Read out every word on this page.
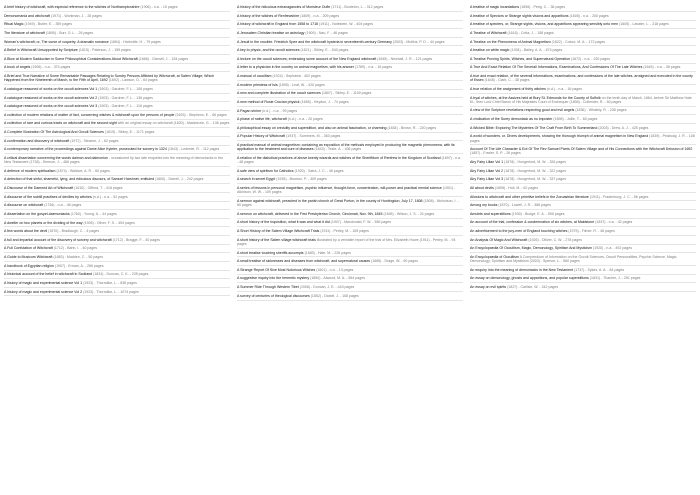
A brief history of witchcraft, with especial reference to the witches of Northamptonshire (1906) - n.a. - 15 pages
Demonomania and witchcraft (1971) - Workman, J. - 26 pages
Ritual Magic (1949) - Butler, E. - 359 pages
The literature of witchcraft (1890) - Burr, G. L. - 26 pages
Woman's witchcraft; or, The curse of coquetry. A dramatic romance (1854) - Harbottle, H. - 79 pages
A Belief in Witchcraft Unsupported by Scripture (1815) - Paterson, J. - 159 pages
A Blow at Modern Sadducism in Some Philosophical Considerations About Witchcraft (1668) - Glanvill, J. - 154 pages
A book of angels (1906) - n.a. - 374 pages
A Brief and True Narrative of Some Remarkable Passages Relating to Sundry Persons Afflicted by Witchcraft, at Salem Village; Which Happened from the Nineteenth of March, to the Fifth of April, 1692 (1692) - Lawson, D. - 64 pages
A catalogue reasoned of works on the occult sciences Vol 1 (1903) - Gardner, F. L. - 106 pages
A catalogue reasoned of works on the occult sciences Vol 2 (1903) - Gardner, F. L. - 136 pages
A catalogue reasoned of works on the occult sciences Vol 3 (1903) - Gardner, F. L. - 116 pages
A collection of modern relations of matter of fact, concerning witches & witchcraft upon the persons of people (1693) - Stephens, E. - 66 pages
A collection of rare and curious tracts on witchcraft and the second sight with an original essay on witchcraft (1820) - Mackenzie, G. - 136 pages
A Complete Illustration Of The Astrological And Occult Sciences (1819) - Sibley, E. - 1171 pages
A confirmation and discovery of witchcraft (1972) - Stearne, J. - 62 pages
A contemporary narrative of the proceedings against Dame Alice Kyteler, prosecuted for sorcery in 1324 (1843) - Ledrede, R. - 112 pages
A critical dissertation concerning the words daimon and daimonion - occasioned by two late enquiries into the meaning of demoniacks in the New Testament (1738) - Sermon, J. - 466 pages
A defence of modern spiritualism (1874) - Wallace, A. R. - 60 pages
A detection of that sinful, shameful, lying, and ridiculous discours, of Samuel Harshnet, entituled (1600) - Darrell, J. - 242 pages
A Discourse of the Damned Art of Witchcraft (1610) - Gifford, T. - 418 pages
A discourse of the subtill practises of devilles by witches (n.d.) - n.a. - 52 pages
A discourse on witchcraft (1736) - n.a. - 46 pages
A dissertation on the gospel-daemoniacks (1760) - Young, A. - 44 pages
A dweller on two planets or the dividing of the way (1905) - Oliver, F. S. - 454 pages
A few words about the devil (1870) - Bradlaugh, C. - 4 pages
A full and impartial account of the discovery of sorcery and witchcraft (1712) - Bragge, F. - 40 pages
A Full Confutation of Witchcraft (1712) - Bahn, I. - 40 pages
A Guide to Musicum Witchcraft (1883) - Madden, C. - 50 pages
A handbook of Egyptian religion (1907) - Erman, A. - 266 pages
A historical account of the belief in witchcraft in Scotland (1834) - Duncan, C. K. - 235 pages
A history of magic and experimental science Vol 1 (1923) - Thorndike, L. - 836 pages
A history of magic and experimental science Vol 2 (1923) - Thorndike, L. - 1074 pages
A history of the ridiculous extravagancies of Monsieur Oufle (1711) - Bordelon, L. - 312 pages
A history of the witches of Renfrewshire (1809) - n.a. - 209 pages
A history of witchcraft in England from 1558 to 1718 (1911) - Notestein, W. - 404 pages
A Jerusalem Christian treatise on astrology (1909) - Nau, F. - 46 pages
A Jesuit in the crucible. Friedrich Spee and the witchcraft hysteria in seventeenth-century Germany (2003) - Mullins, P. D. - 44 pages
A key to physic, and the occult sciences (1821) - Sibley, E. - 540 pages
A lecture on the occult sciences; embracing some account of the New England witchcraft (1845) - Newhall, J. R. - 121 pages
A letter to a physician in the country on animal magnetism, with his answer (1789) - n.a. - 16 pages
A manual of occultism (1924) - Sepharial - 402 pages
A modern priestess of Isis (1895) - Leaf, W. - 420 pages
A new and complete illustration of the occult sciences (1807) - Sibley, E. - 1100 pages
A new method of Rosie Crucian physick (1658) - Heydon, J. - 74 pages
A Pagan shrine (n.d.) - n.a. - 99 pages
A phase of native life, witchcraft (n.d.) - n.a. - 20 pages
A philosophical essay on credulity and superstition, and also on animal fascination, or charming (1834) - Brown, R. - 220 pages
A Popular History of Witchcraft (1937) - Summers, M. - 363 pages
A practical manual of animal magnetism; containing an exposition of the methods employed in producing the magnetic phenomena, with its application to the treatment and cure of diseases (1843) - Teste, A. - 406 pages
A relation of the diabolical practices of above twenty wizards and witches of the Sheriffdom of Renfrew in the Kingdom of Scotland (1697) - n.a. - 48 pages
A safe view of spiritism for Catholics (1920) - Satra, J. C. - 46 pages
A search in secret Egypt (1935) - Brunton, P. - 309 pages
A series of lessons in personal magnetism, psychic influence, thought-force, concentration, will-power and practical mental science (1901) - Atkinson, W. W. - 109 pages
A sermon against witchcraft, preached in the parish church of Great Porton, in the county of Huntingdon, July 17, 1808 (1808) - Nicholson, I. - 60 pages
A sermon on witchcraft, delivered in the First Presbyterian Church, Cincinnati, Nov. 9th, 1845 (1845) - Wilson, J. S. - 24 pages
A short history of the Inquisition, what it was and what it did (1907) - Macdonald, F. W. - 356 pages
A Short History of the Salem Village Witchcraft Trials (1911) - Perley, M. - 105 pages
A short history of the Salem village witchcraft trials illustrated by a verbatim report of the trial of Mrs. Elizabeth Howe (1911) - Perley, M. - 94 pages
A short treatise touching sheriffs accompts (1683) - Hale, M. - 226 pages
A small treatise of sicknesses and diseases from witchcraft, and supernatural causes (1665) - Drage, W. - 90 pages
A Strange Report Of Sixe Most Notorious Witches (1601) - n.a. - 13 pages
A suggestive inquiry into the hermetic mystery (1850) - Atwood, M. A. - 564 pages
A Summer Ride Through Western Tibet (1906) - Duncan, J. E. - 443 pages
A survey of centuries of theological discourses (1852) - Daniel, J. - 108 pages
A treatise of magic incantations (1896) - Perig, C. - 36 pages
A treatise of Spectors or Strange sights visions and apparitions (1605) - n.a. - 200 pages
A treatise of specters, or, Strange sights, visions, and apparitions appearing sensibly unto men (1605) - Lavater, L. - 218 pages
A Treatise of Witchcraft (1616) - Cotta, J. - 158 pages
A Treatise on the Phenomena of Animal Magnetism (1822) - Colour, M. A. - 172 pages
A treatise on white magic (1934) - Bailey, A. A. - 674 pages
A Treatise Proving Spirits, Witches, and Supernatural Operation (1672) - n.a. - 220 pages
A True And Exact Relation Of The Severall Informations, Examinations, And Confessions Of The Late Witches (1645) - n.a. - 36 pages
A true and exact relation, of the severall informations, examinations, and confessions of the late witches, arraigned and executed in the county of Essex (1645) - Clark, C. - 38 pages
A true relation of the araignment of thirty witches (n.d.) - n.a. - 16 pages
A tryal of witches, at the Assizes held at Bury St. Edmonds for the County of Suffolk on the tenth day of March, 1664, before Sir Matthew Hale Kt., then Lord Chief Baron of His Majesties Court of Exchequer (1838) - Cullender, R. - 60 pages
A view of the Scripture revelations respecting good and evil angels (1836) - Whately, R. - 236 pages
A vindication of the Surey demoniack as no imposter (1698) - Jollie, T. - 60 pages
A Wicked Bible: Exploring The Mysteries Of The Craft From Birth To Summerland (2003) - Drew, A. J. - 425 pages
A world of wonders, or, Divers developments, showing the thorough triumph of animal magnetism in New England (1839) - Peabody, J. R. - 108 pages
Account Of The Life Character & Eot Of The Rev Samuel Parris Of Salem Village and of His Connections with the Witchcraft Delusion of 1692 (1857) - Fowler, S. P. - 26 pages
Airy Fairy Lilian Vol 1 (1878) - Hungerford, M. W. - 326 pages
Airy Fairy Lilian Vol 2 (1878) - Hungerford, M. W. - 322 pages
Airy Fairy Lilian Vol 3 (1878) - Hungerford, M. W. - 337 pages
All about devils (1898) - Hull, M. - 62 pages
Allusions to witchcraft and other primitive beliefs in the Zoroastrian literature (1911) - Fradenburg, J. C. - 56 pages
Among my books (1870) - Lowell, J. R. - 386 pages
Amulets and superstitions (1930) - Budge, E. A. - 590 pages
An account of the trial, confession & condemnation of six witches, at Maidstone (1837) - n.a. - 42 pages
An advertisement to the jury-men of England touching witches (1975) - Filmer, R. - 46 pages
An Analysis Of Magic And Witchcraft (1926) - Olliver, C. W. - 278 pages
An Encyclopaedia Of Occultism, Magic, Demonology, Spiritism And Mysticism (1920) - n.a. - 492 pages
An Encyclopaedia of Occultism A Compendium of Information on the Occult Sciences, Occult Personalities, Psychic Science, Magic, Demonology, Spiritism and Mysticism (2003) - Spence, L. - 560 pages
An enquiry into the meaning of demoniacks in the New Testament (1737) - Sykes, A. A. - 84 pages
An essay on demonology, ghosts and apparitions, and popular superstitions (1831) - Thacher, J. - 251 pages
An essay on evil spirits (1827) - Carlisle, W. - 242 pages
